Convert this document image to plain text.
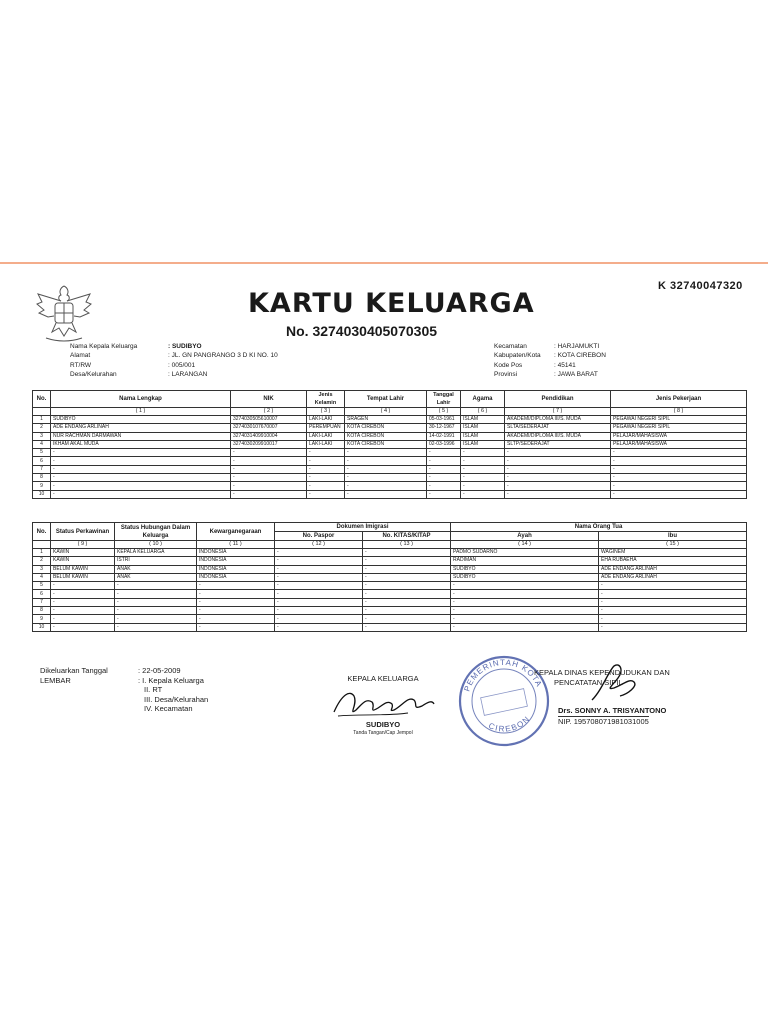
K 32740047320
KARTU KELUARGA
No. 3274030405070305
Nama Kepala Keluarga	: SUDIBYO
Alamat	: JL. GN PANGRANGO 3 D KI NO. 10
RT/RW	: 005/001
Desa/Kelurahan	: LARANGAN
Kecamatan	: HARJAMUKTI
Kabupaten/Kota	: KOTA CIREBON
Kode Pos	: 45141
Provinsi	: JAWA BARAT
No.	Nama Lengkap	NIK	Jenis Kelamin	Tempat Lahir	Tanggal Lahir	Agama	Pendidikan	Jenis Pekerjaan
	( 1 )	( 2 )	( 3 )	( 4 )	( 5 )	( 6 )	( 7 )	( 8 )
1	SUDIBYO	3274030505610007	LAKI-LAKI	SRAGEN	05-03-1961	ISLAM	AKADEMI/DIPLOMA III/S. MUDA	PEGAWAI NEGERI SIPIL
2	ADE ENDANG ARLINAH	3274030107670007	PEREMPUAN	KOTA CIREBON	30-12-1967	ISLAM	SLTA/SEDERAJAT	PEGAWAI NEGERI SIPIL
3	NUR RACHMAN DARMAWAN	3274031409910004	LAKI-LAKI	KOTA CIREBON	14-02-1991	ISLAM	AKADEMI/DIPLOMA III/S. MUDA	PELAJAR/MAHASISWA
4	IKHAM AKAL MUDA	3274030209910017	LAKI-LAKI	KOTA CIREBON	02-03-1996	ISLAM	SLTP/SEDERAJAT	PELAJAR/MAHASISWA
5	-	-	-	-	-	-	-	-
6	-	-	-	-	-	-	-	-
7	-	-	-	-	-	-	-	-
8	-	-	-	-	-	-	-	-
9	-	-	-	-	-	-	-	-
10	-	-	-	-	-	-	-	-
No.	Status Perkawinan	Status Hubungan Dalam Keluarga	Kewarganegaraan	Dokumen Imigrasi		Nama Orang Tua	
				No. Paspor	No. KITAS/KITAP	Ayah	Ibu
	( 9 )	( 10 )	( 11 )	( 12 )	( 13 )	( 14 )	( 15 )
1	KAWIN	KEPALA KELUARGA	INDONESIA	-	-	PADMO SUDARNO	WAGINEM
2	KAWIN	ISTRI	INDONESIA	-	-	RADIMAN	EHA RUBAEHA
3	BELUM KAWIN	ANAK	INDONESIA	-	-	SUDIBYO	ADE ENDANG ARLINAH
4	BELUM KAWIN	ANAK	INDONESIA	-	-	SUDIBYO	ADE ENDANG ARLINAH
5	-	-	-	-	-	-	-
6	-	-	-	-	-	-	-
7	-	-	-	-	-	-	-
8	-	-	-	-	-	-	-
9	-	-	-	-	-	-	-
10	-	-	-	-	-	-	-
Dikeluarkan Tanggal	: 22-05-2009
LEMBAR	: I. Kepala Keluarga
II. RT
III. Desa/Kelurahan
IV. Kecamatan
KEPALA KELUARGA
SUDIBYO
Tanda Tangan/Cap Jempol
PEMERINTAH KOTA
CIREBON
KEPALA DINAS KEPENDUDUKAN DAN
PENCATATAN SIPIL
Drs. SONNY A. TRISYANTONO
NIP. 195708071981031005
